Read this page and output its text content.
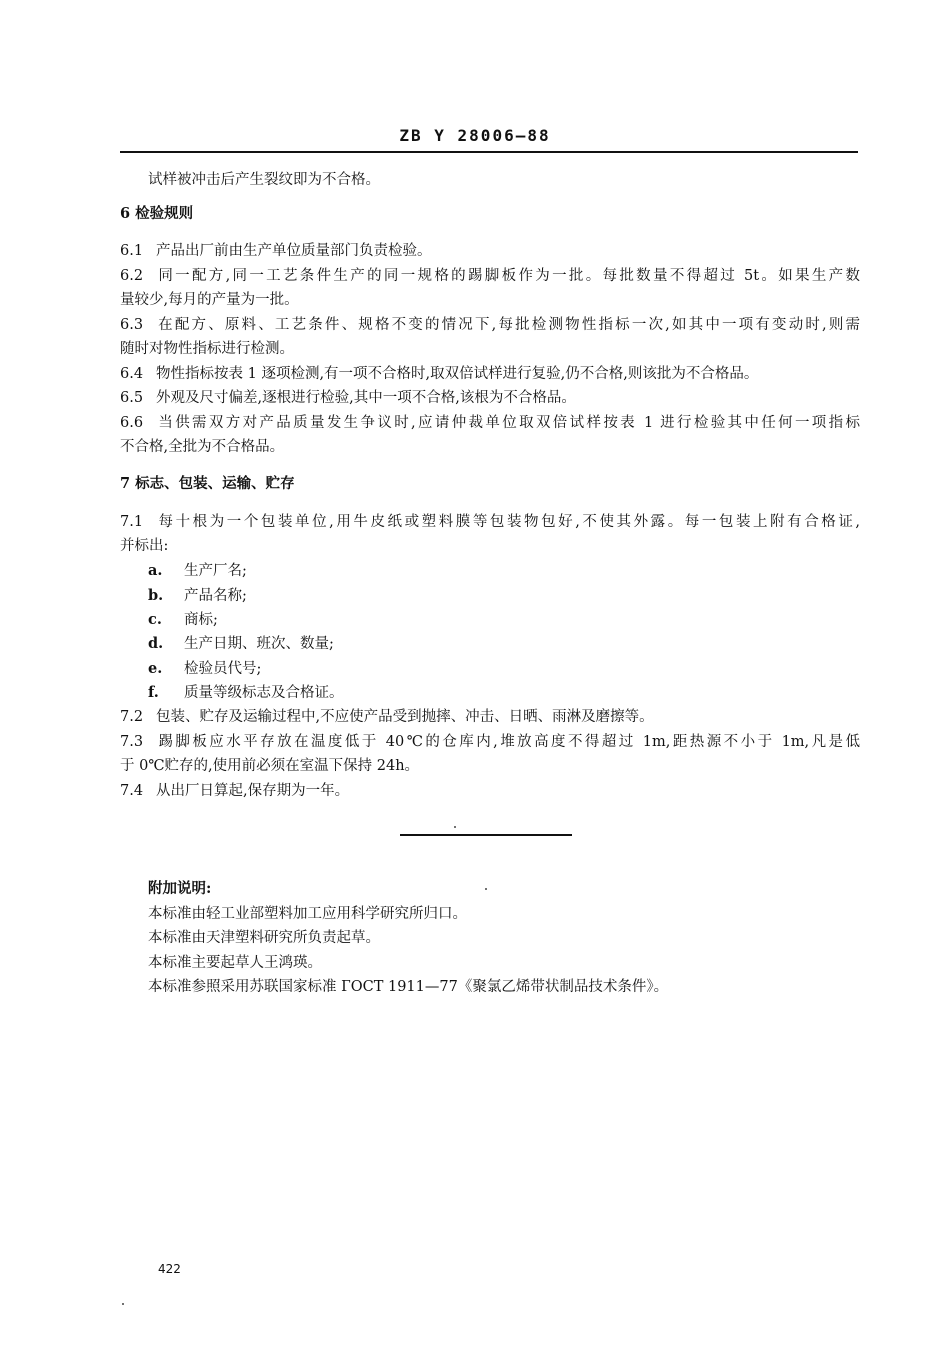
ZB Y 28006—88
试样被冲击后产生裂纹即为不合格。
6 检验规则
6.1 产品出厂前由生产单位质量部门负责检验。
6.2 同一配方,同一工艺条件生产的同一规格的踢脚板作为一批。每批数量不得超过 5t。如果生产数
量较少,每月的产量为一批。
6.3 在配方、原料、工艺条件、规格不变的情况下,每批检测物性指标一次,如其中一项有变动时,则需
随时对物性指标进行检测。
6.4 物性指标按表 1 逐项检测,有一项不合格时,取双倍试样进行复验,仍不合格,则该批为不合格品。
6.5 外观及尺寸偏差,逐根进行检验,其中一项不合格,该根为不合格品。
6.6 当供需双方对产品质量发生争议时,应请仲裁单位取双倍试样按表 1 进行检验其中任何一项指标
不合格,全批为不合格品。
7 标志、包装、运输、贮存
7.1 每十根为一个包装单位,用牛皮纸或塑料膜等包装物包好,不使其外露。每一包装上附有合格证,
并标出:
a. 生产厂名;
b. 产品名称;
c. 商标;
d. 生产日期、班次、数量;
e. 检验员代号;
f. 质量等级标志及合格证。
7.2 包装、贮存及运输过程中,不应使产品受到抛摔、冲击、日晒、雨淋及磨擦等。
7.3 踢脚板应水平存放在温度低于 40℃的仓库内,堆放高度不得超过 1m,距热源不小于 1m,凡是低
于 0℃贮存的,使用前必须在室温下保持 24h。
7.4 从出厂日算起,保存期为一年。
附加说明:
本标准由轻工业部塑料加工应用科学研究所归口。
本标准由天津塑料研究所负责起草。
本标准主要起草人王鸿瑛。
本标准参照采用苏联国家标准 ГОСТ 1911—77《聚氯乙烯带状制品技术条件》。
422
